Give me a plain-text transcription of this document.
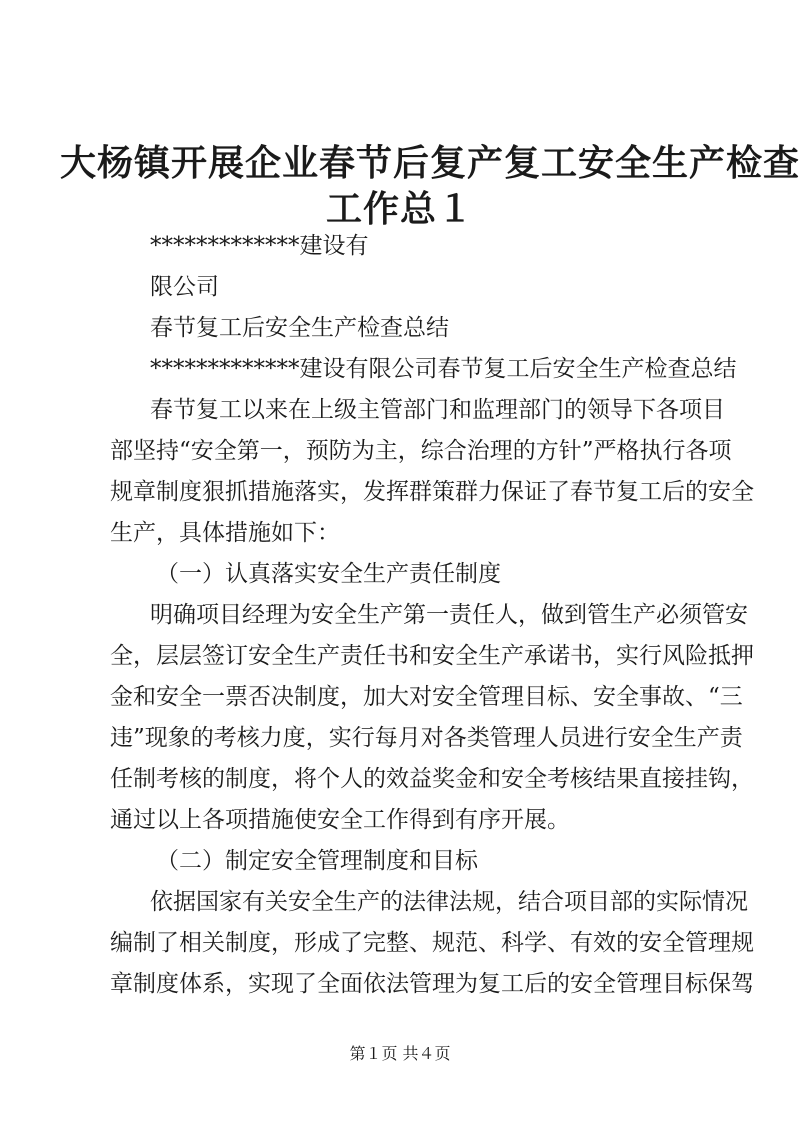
大杨镇开展企业春节后复产复工安全生产检查
工作总１

*************建设有

限公司

春节复工后安全生产检查总结

*************建设有限公司春节复工后安全生产检查总结

春节复工以来在上级主管部门和监理部门的领导下各项目

部坚持“安全第一，预防为主，综合治理的方针”严格执行各项

规章制度狠抓措施落实，发挥群策群力保证了春节复工后的安全

生产，具体措施如下：

（一）认真落实安全生产责任制度

明确项目经理为安全生产第一责任人，做到管生产必须管安

全，层层签订安全生产责任书和安全生产承诺书，实行风险抵押

金和安全一票否决制度，加大对安全管理目标、安全事故、“三

违”现象的考核力度，实行每月对各类管理人员进行安全生产责

任制考核的制度，将个人的效益奖金和安全考核结果直接挂钩，

通过以上各项措施使安全工作得到有序开展。

（二）制定安全管理制度和目标

依据国家有关安全生产的法律法规，结合项目部的实际情况

编制了相关制度，形成了完整、规范、科学、有效的安全管理规

章制度体系，实现了全面依法管理为复工后的安全管理目标保驾

第１页 共４页
